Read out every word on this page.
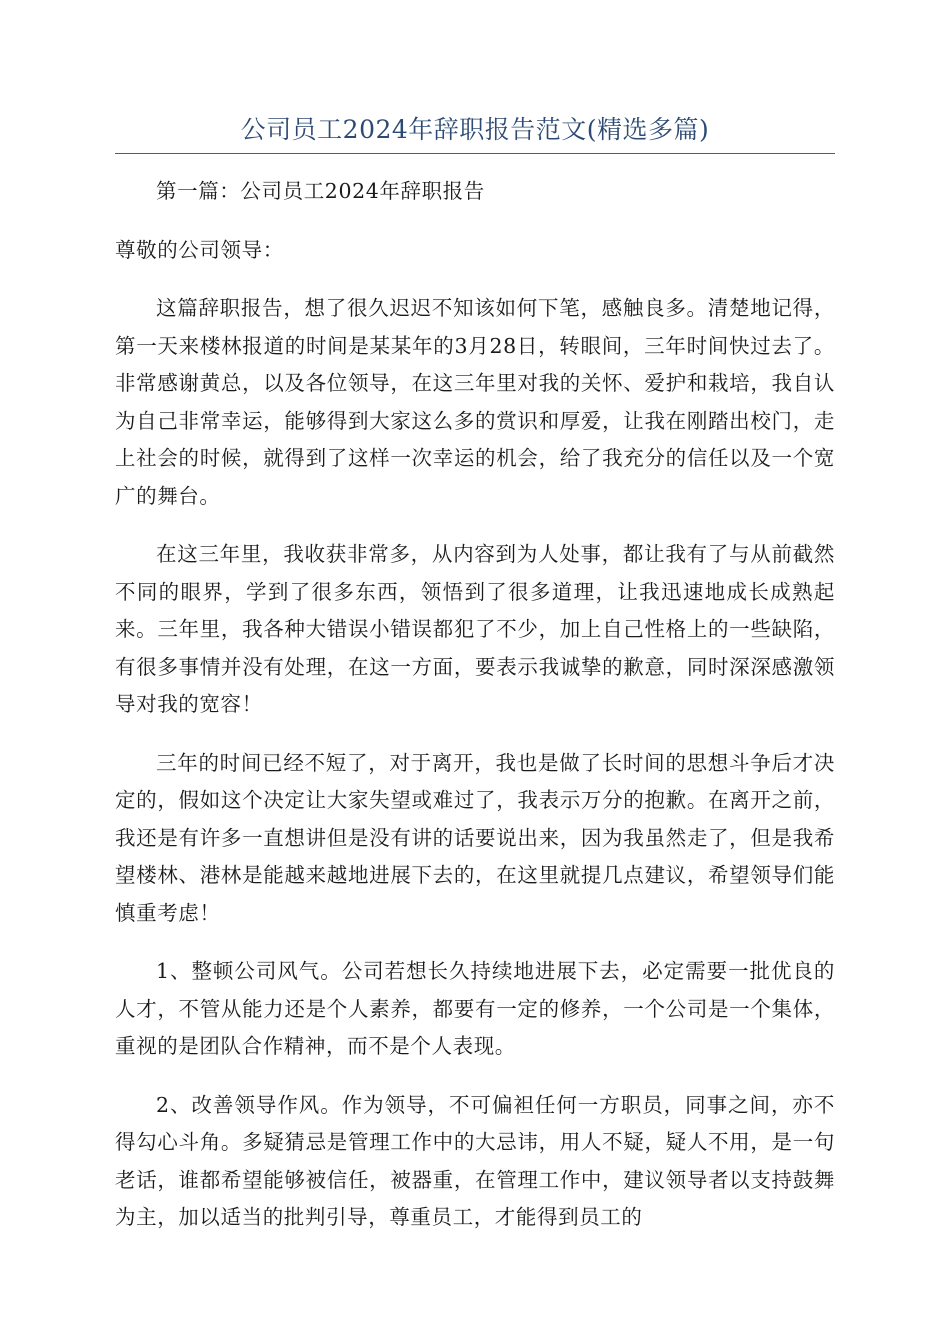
公司员工2024年辞职报告范文(精选多篇)

第一篇：公司员工2024年辞职报告

尊敬的公司领导：

这篇辞职报告，想了很久迟迟不知该如何下笔，感触良多。清楚地记得，第一天来楼林报道的时间是某某年的3月28日，转眼间，三年时间快过去了。非常感谢黄总，以及各位领导，在这三年里对我的关怀、爱护和栽培，我自认为自己非常幸运，能够得到大家这么多的赏识和厚爱，让我在刚踏出校门，走上社会的时候，就得到了这样一次幸运的机会，给了我充分的信任以及一个宽广的舞台。

在这三年里，我收获非常多，从内容到为人处事，都让我有了与从前截然不同的眼界，学到了很多东西，领悟到了很多道理，让我迅速地成长成熟起来。三年里，我各种大错误小错误都犯了不少，加上自己性格上的一些缺陷，有很多事情并没有处理，在这一方面，要表示我诚挚的歉意，同时深深感激领导对我的宽容！

三年的时间已经不短了，对于离开，我也是做了长时间的思想斗争后才决定的，假如这个决定让大家失望或难过了，我表示万分的抱歉。在离开之前，我还是有许多一直想讲但是没有讲的话要说出来，因为我虽然走了，但是我希望楼林、港林是能越来越地进展下去的，在这里就提几点建议，希望领导们能慎重考虑！

1、整顿公司风气。公司若想长久持续地进展下去，必定需要一批优良的人才，不管从能力还是个人素养，都要有一定的修养，一个公司是一个集体，重视的是团队合作精神，而不是个人表现。

2、改善领导作风。作为领导，不可偏袒任何一方职员，同事之间，亦不得勾心斗角。多疑猜忌是管理工作中的大忌讳，用人不疑，疑人不用，是一句老话，谁都希望能够被信任，被器重，在管理工作中，建议领导者以支持鼓舞为主，加以适当的批判引导，尊重员工，才能得到员工的
